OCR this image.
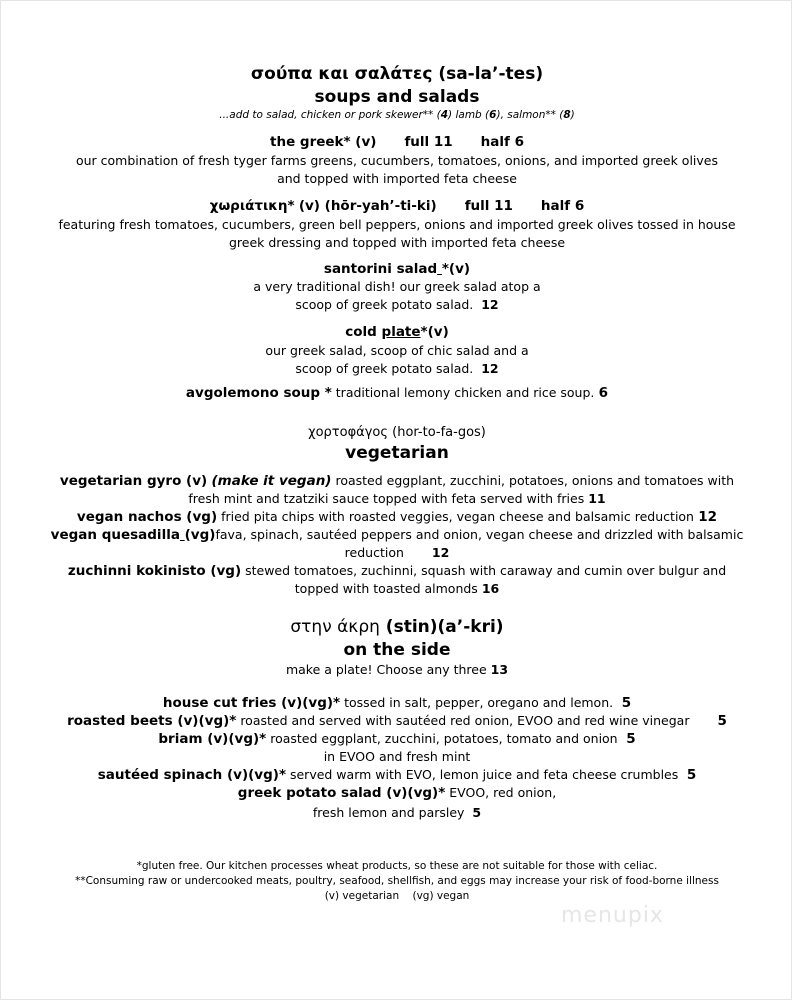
σούπα και σαλάτες (sa-la’-tes)
soups and salads
...add to salad, chicken or pork skewer** (4) lamb (6), salmon** (8)
the greek* (v) full 11 half 6
our combination of fresh tyger farms greens, cucumbers, tomatoes, onions, and imported greek olives
and topped with imported feta cheese
χωριάτικη* (v) (hōr-yah’-ti-ki) full 11 half 6
featuring fresh tomatoes, cucumbers, green bell peppers, onions and imported greek olives tossed in house
greek dressing and topped with imported feta cheese
santorini salad *(v)
a very traditional dish! our greek salad atop a
scoop of greek potato salad. 12
cold plate*(v)
our greek salad, scoop of chic salad and a
scoop of greek potato salad. 12
avgolemono soup * traditional lemony chicken and rice soup. 6
χορτοφάγος (hor-to-fa-gos)
vegetarian
vegetarian gyro (v) (make it vegan) roasted eggplant, zucchini, potatoes, onions and tomatoes with
fresh mint and tzatziki sauce topped with feta served with fries 11
vegan nachos (vg) fried pita chips with roasted veggies, vegan cheese and balsamic reduction 12
vegan quesadilla (vg)fava, spinach, sautéed peppers and onion, vegan cheese and drizzled with balsamic
reduction 12
zuchinni kokinisto (vg) stewed tomatoes, zuchinni, squash with caraway and cumin over bulgur and
topped with toasted almonds 16
στην άκρη (stin)(a’-kri)
on the side
make a plate! Choose any three 13
house cut fries (v)(vg)* tossed in salt, pepper, oregano and lemon. 5
roasted beets (v)(vg)* roasted and served with sautéed red onion, EVOO and red wine vinegar 5
briam (v)(vg)* roasted eggplant, zucchini, potatoes, tomato and onion 5
in EVOO and fresh mint
sautéed spinach (v)(vg)* served warm with EVO, lemon juice and feta cheese crumbles 5
greek potato salad (v)(vg)* EVOO, red onion,
fresh lemon and parsley 5
*gluten free. Our kitchen processes wheat products, so these are not suitable for those with celiac.
**Consuming raw or undercooked meats, poultry, seafood, shellfish, and eggs may increase your risk of food-borne illness
(v) vegetarian (vg) vegan
menupix
